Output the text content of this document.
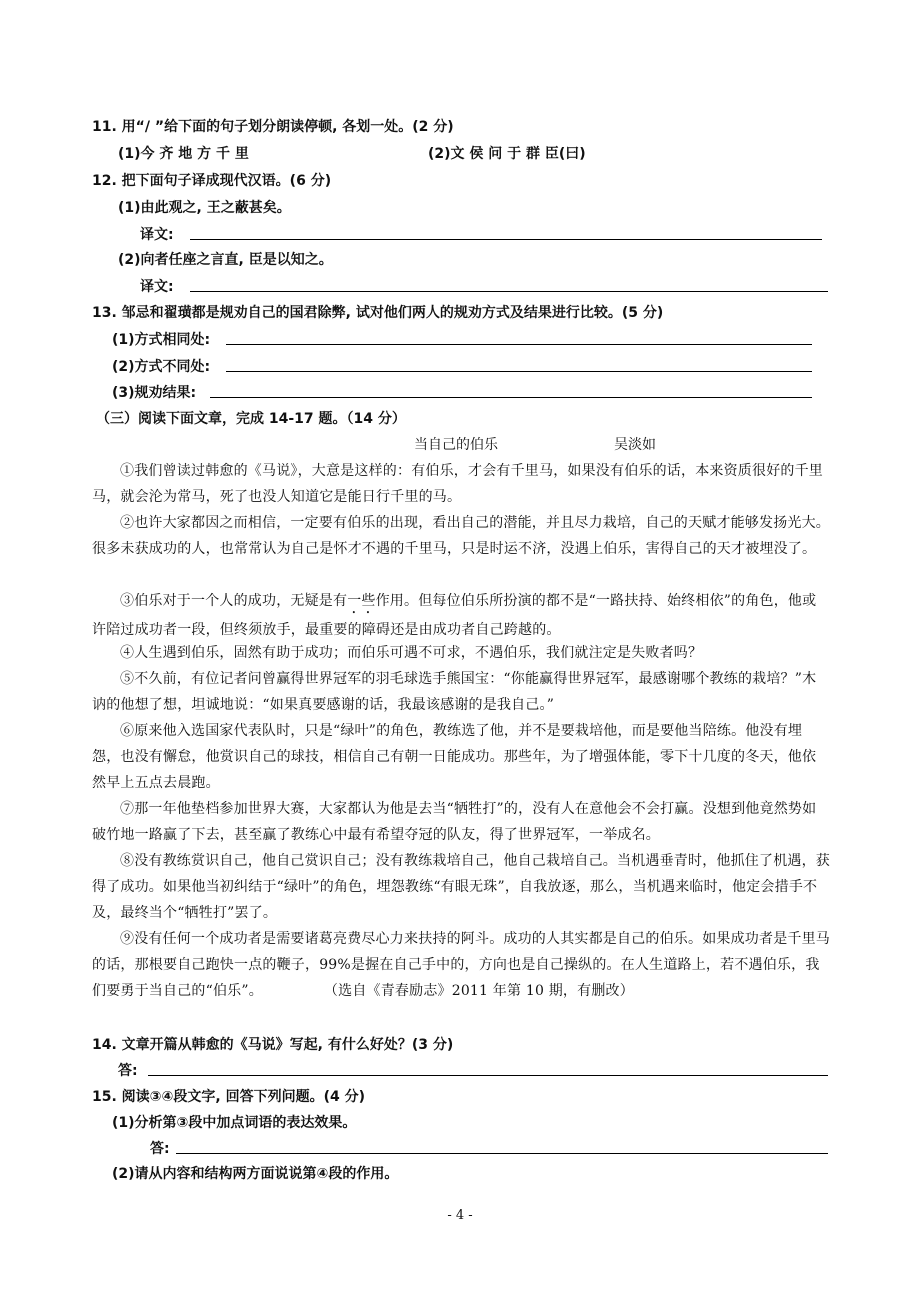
11. 用“/ ”给下面的句子划分朗读停顿, 各划一处。(2 分)
(1)今 齐 地 方 千 里	(2)文 侯 问 于 群 臣(曰)
12. 把下面句子译成现代汉语。(6 分)
(1)由此观之, 王之蔽甚矣。
译文:
(2)向者任座之言直, 臣是以知之。
译文:
13. 邹忌和翟璜都是规劝自己的国君除弊, 试对他们两人的规劝方式及结果进行比较。(5 分)
(1)方式相同处:
(2)方式不同处:
(3)规劝结果:
（三）阅读下面文章，完成 14-17 题。（14 分）
当自己的伯乐	吴淡如
①我们曾读过韩愈的《马说》，大意是这样的：有伯乐，才会有千里马，如果没有伯乐的话，本来资质很好的千里马，就会沦为常马，死了也没人知道它是能日行千里的马。
②也许大家都因之而相信，一定要有伯乐的出现，看出自己的潜能，并且尽力栽培，自己的天赋才能够发扬光大。很多未获成功的人，也常常认为自己是怀才不遇的千里马，只是时运不济，没遇上伯乐，害得自己的天才被埋没了。
③伯乐对于一个人的成功，无疑是有一些作用。但每位伯乐所扮演的都不是“一路扶持、始终相依”的角色，他或许陪过成功者一段，但终须放手，最重要的障碍还是由成功者自己跨越的。
④人生遇到伯乐，固然有助于成功；而伯乐可遇不可求，不遇伯乐，我们就注定是失败者吗？
⑤不久前，有位记者问曾赢得世界冠军的羽毛球选手熊国宝：“你能赢得世界冠军，最感谢哪个教练的栽培？”木讷的他想了想，坦诚地说：“如果真要感谢的话，我最该感谢的是我自己。”
⑥原来他入选国家代表队时，只是“绿叶”的角色，教练选了他，并不是要栽培他，而是要他当陪练。他没有埋怨，也没有懈怠，他赏识自己的球技，相信自己有朝一日能成功。那些年，为了增强体能，零下十几度的冬天，他依然早上五点去晨跑。
⑦那一年他垫档参加世界大赛，大家都认为他是去当“牺牲打”的，没有人在意他会不会打赢。没想到他竟然势如破竹地一路赢了下去，甚至赢了教练心中最有希望夺冠的队友，得了世界冠军，一举成名。
⑧没有教练赏识自己，他自己赏识自己；没有教练栽培自己，他自己栽培自己。当机遇垂青时，他抓住了机遇，获得了成功。如果他当初纠结于“绿叶”的角色，埋怨教练“有眼无珠”，自我放逐，那么，当机遇来临时，他定会措手不及，最终当个“牺牲打”罢了。
⑨没有任何一个成功者是需要诸葛亮费尽心力来扶持的阿斗。成功的人其实都是自己的伯乐。如果成功者是千里马的话，那根要自己跑快一点的鞭子，99%是握在自己手中的，方向也是自己操纵的。在人生道路上，若不遇伯乐，我们要勇于当自己的“伯乐”。	（选自《青春励志》2011 年第 10 期，有删改）
14. 文章开篇从韩愈的《马说》写起, 有什么好处？(3 分)
答:
15. 阅读③④段文字, 回答下列问题。(4 分)
(1)分析第③段中加点词语的表达效果。
答:
(2)请从内容和结构两方面说说第④段的作用。
- 4 -
